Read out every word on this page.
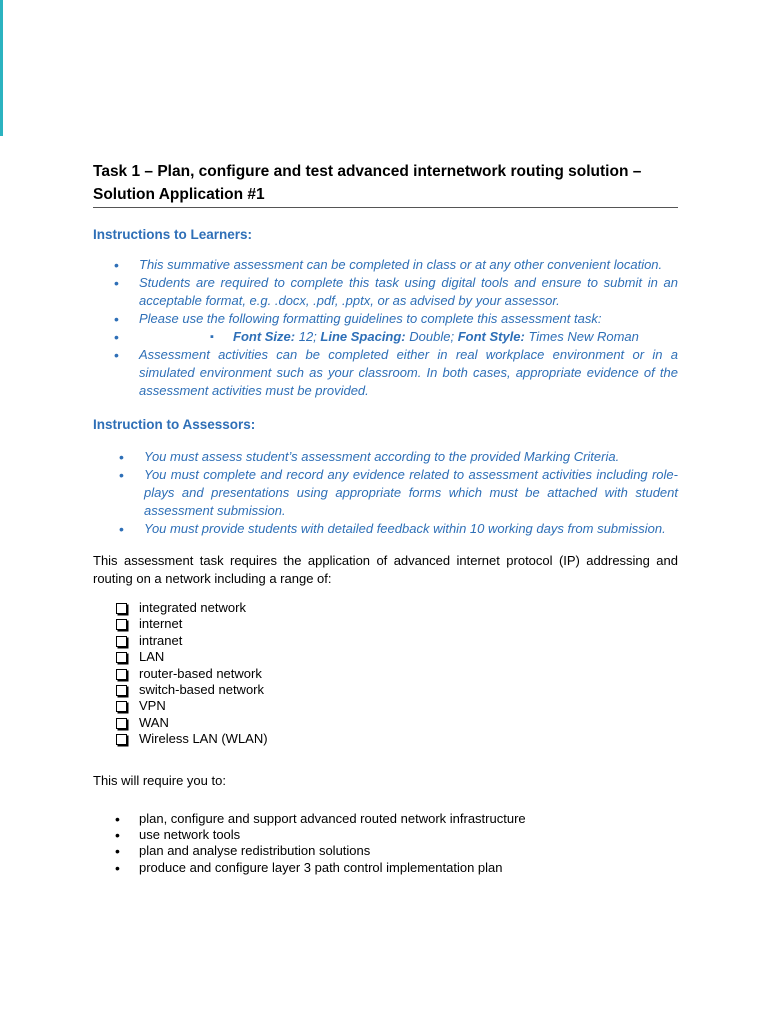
Task 1 – Plan, configure and test advanced internetwork routing solution – Solution Application #1
Instructions to Learners:
• This summative assessment can be completed in class or at any other convenient location.
• Students are required to complete this task using digital tools and ensure to submit in an acceptable format, e.g. .docx, .pdf, .pptx, or as advised by your assessor.
• Please use the following formatting guidelines to complete this assessment task:
▪ • Font Size: 12; Line Spacing: Double; Font Style: Times New Roman
• Assessment activities can be completed either in real workplace environment or in a simulated environment such as your classroom. In both cases, appropriate evidence of the assessment activities must be provided.
Instruction to Assessors:
• You must assess student’s assessment according to the provided Marking Criteria.
• You must complete and record any evidence related to assessment activities including role-plays and presentations using appropriate forms which must be attached with student assessment submission.
• You must provide students with detailed feedback within 10 working days from submission.

This assessment task requires the application of advanced internet protocol (IP) addressing and routing on a network including a range of:

integrated network
internet
intranet
LAN
router-based network
switch-based network
VPN
WAN
Wireless LAN (WLAN)

This will require you to:

• plan, configure and support advanced routed network infrastructure
• use network tools
• plan and analyse redistribution solutions
• produce and configure layer 3 path control implementation plan
